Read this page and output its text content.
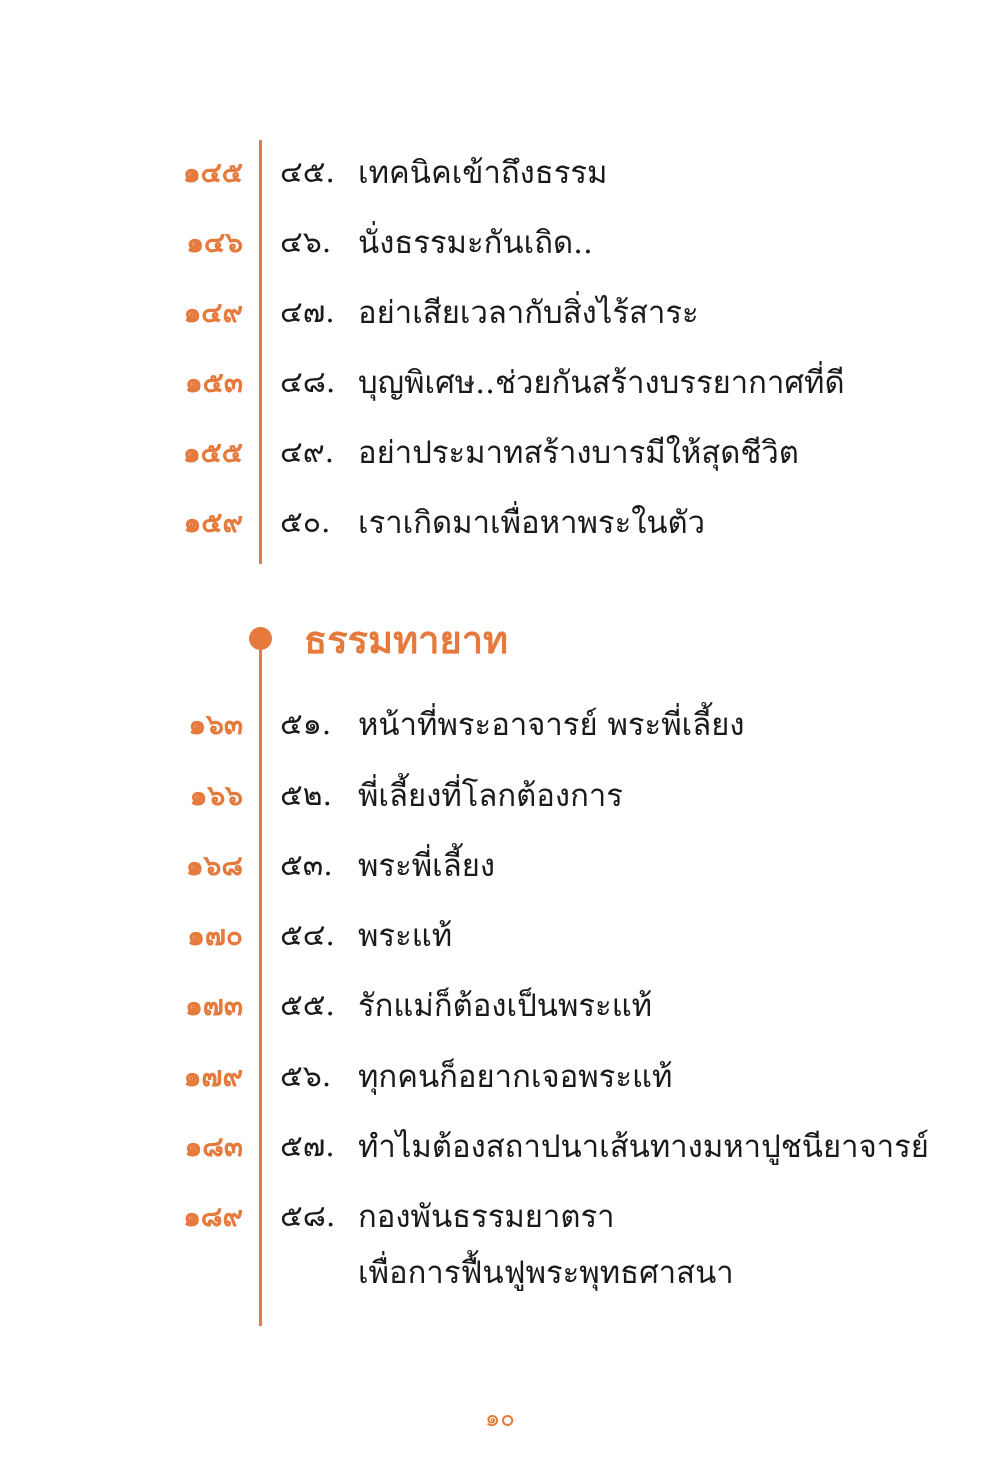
ธรรมทายาท
๑๔๕ ๔๕. เทคนิคเข้าถึงธรรม
๑๔๖ ๔๖. นั่งธรรมะกันเถิด..
๑๔๙ ๔๗. อย่าเสียเวลากับสิ่งไร้สาระ
๑๕๓ ๔๘. บุญพิเศษ..ช่วยกันสร้างบรรยากาศที่ดี
๑๕๕ ๔๙. อย่าประมาทสร้างบารมีให้สุดชีวิต
๑๕๙ ๕๐. เราเกิดมาเพื่อหาพระในตัว
๑๖๓ ๕๑. หน้าที่พระอาจารย์ พระพี่เลี้ยง
๑๖๖ ๕๒. พี่เลี้ยงที่โลกต้องการ
๑๖๘ ๕๓. พระพี่เลี้ยง
๑๗๐ ๕๔. พระแท้
๑๗๓ ๕๕. รักแม่ก็ต้องเป็นพระแท้
๑๗๙ ๕๖. ทุกคนก็อยากเจอพระแท้
๑๘๓ ๕๗. ทำไมต้องสถาปนาเส้นทางมหาปูชนียาจารย์
๑๘๙ ๕๘. กองพันธรรมยาตรา
เพื่อการฟื้นฟูพระพุทธศาสนา
๑๐
